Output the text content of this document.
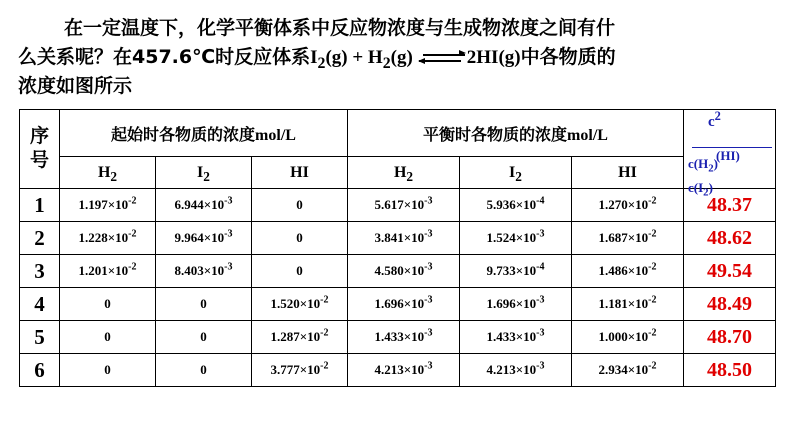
在一定温度下，化学平衡体系中反应物浓度与生成物浓度之间有什
么关系呢？在457.6℃时反应体系$I_2(g) + H_2(g)$	2HI(g)中各物质的
浓度如图所示
序号	起始时各物质的浓度mol/L			平衡时各物质的浓度mol/L			$c^2$
(HI)
$c(H_2)$
$c(I_2)$

	$H_2$	$I_2$	HI	$H_2$	$I_2$	HI	
1	$1.197\times 10^{-2}$	$6.944\times 10^{-3}$	0	$5.617\times 10^{-3}$	$5.936\times 10^{-4}$	$1.270\times 10^{-2}$	48.37
2	$1.228\times 10^{-2}$	$9.964\times 10^{-3}$	0	$3.841\times 10^{-3}$	$1.524\times 10^{-3}$	$1.687\times 10^{-2}$	48.62
3	$1.201\times 10^{-2}$	$8.403\times 10^{-3}$	0	$4.580\times 10^{-3}$	$9.733\times 10^{-4}$	$1.486\times 10^{-2}$	49.54
4	0	0	$1.520\times 10^{-2}$	$1.696\times 10^{-3}$	$1.696\times 10^{-3}$	$1.181\times 10^{-2}$	48.49
5	0	0	$1.287\times 10^{-2}$	$1.433\times 10^{-3}$	$1.433\times 10^{-3}$	$1.000\times 10^{-2}$	48.70
6	0	0	$3.777\times 10^{-2}$	$4.213\times 10^{-3}$	$4.213\times 10^{-3}$	$2.934\times 10^{-2}$	48.50
